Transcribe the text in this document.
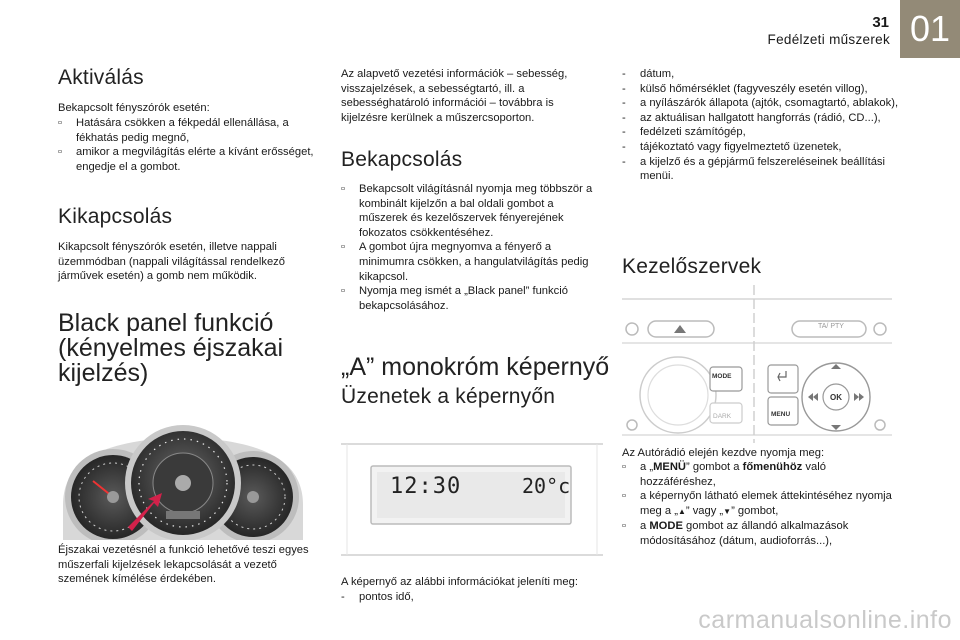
31
Fedélzeti műszerek 01
Aktiválás

Bekapcsolt fényszórók esetén:

▫	Hatására csökken a fékpedál ellenállása, a fékhatás pedig megnő,
▫	amikor a megvilágítás elérte a kívánt erősséget, engedje el a gombot.
Kikapcsolás

Kikapcsolt fényszórók esetén, illetve nappali üzemmódban (nappali világítással rendelkező járművek esetén) a gomb nem működik.

Black panel funkció
(kényelmes éjszakai
kijelzés)

Éjszakai vezetésnél a funkció lehetővé teszi egyes műszerfali kijelzések lekapcsolását a vezető szemének kímélése érdekében.

Az alapvető vezetési információk – sebesség, visszajelzések, a sebességtartó, ill. a sebességhatároló információi – továbbra is kijelzésre kerülnek a műszercsoporton.

Bekapcsolás
▫	Bekapcsolt világításnál nyomja meg többször a kombinált kijelzőn a bal oldali gombot a műszerek és kezelőszervek fényerejének fokozatos csökkentéséhez.
▫	A gombot újra megnyomva a fényerő a minimumra csökken, a hangulatvilágítás pedig kikapcsol.
▫	Nyomja meg ismét a „Black panel” funkció bekapcsolásához.
„A” monokróm képernyő
Üzenetek a képernyőn
12:30	20°c

A képernyő az alábbi információkat jeleníti meg:

-	pontos idő,
-	dátum,
-	külső hőmérséklet (fagyveszély esetén villog),
-	a nyílászárók állapota (ajtók, csomagtartó, ablakok),
-	az aktuálisan hallgatott hangforrás (rádió, CD...),
-	fedélzeti számítógép,
-	tájékoztató vagy figyelmeztető üzenetek,
-	a kijelző és a gépjármű felszereléseinek beállítási menüi.
Kezelőszervek
TA/ PTY
MODE
DARK	MENU
OK

Az Autórádió elején kezdve nyomja meg:

▫	a „MENÜ” gombot a főmenühöz való hozzáféréshez,
▫	a képernyőn látható elemek áttekintéséhez nyomja meg a „▲” vagy „▼” gombot,
▫	a MODE gombot az állandó alkalmazások módosításához (dátum, audioforrás...),
carmanualsonline.info
